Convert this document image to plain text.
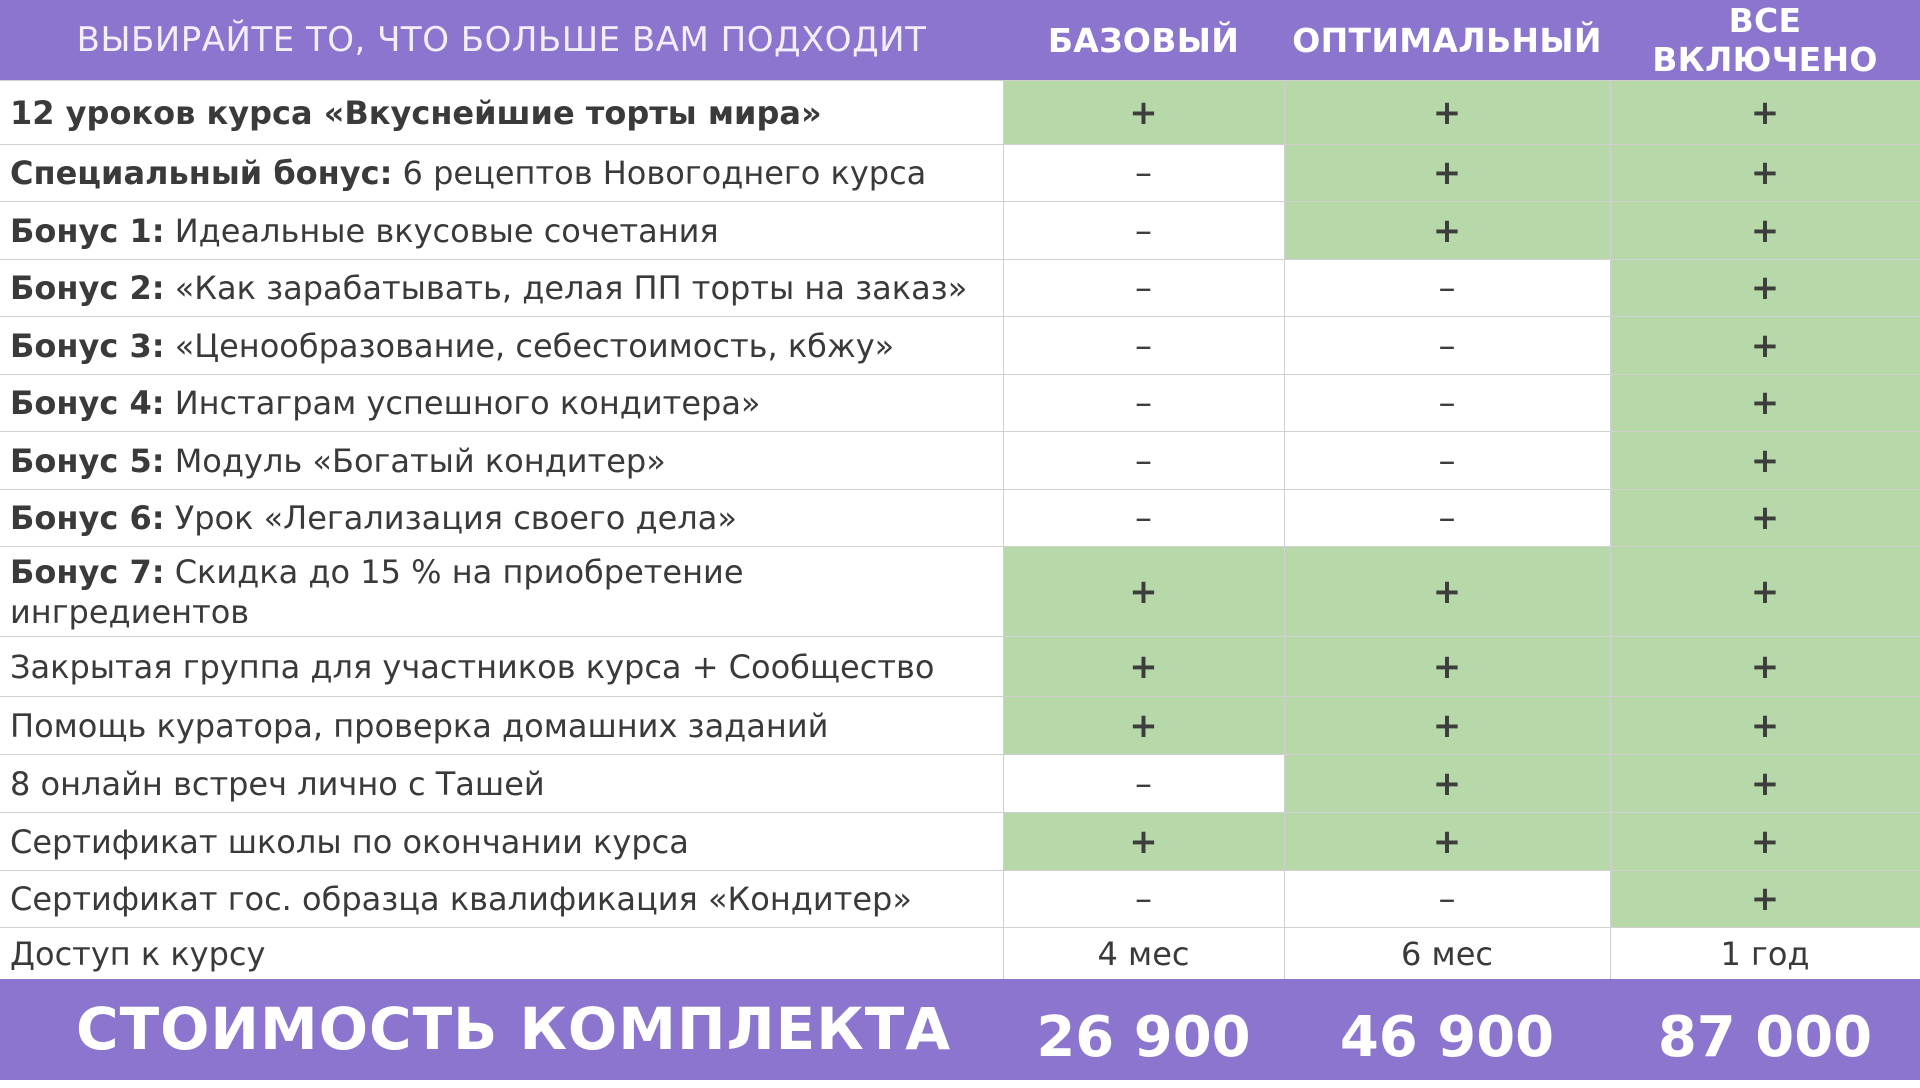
ВЫБИРАЙТЕ ТО, ЧТО БОЛЬШЕ ВАМ ПОДХОДИТ	БАЗОВЫЙ	ОПТИМАЛЬНЫЙ	ВСЕ ВКЛЮЧЕНО
12 уроков курса «Вкуснейшие торты мира»	+	+	+
Специальный бонус: 6 рецептов Новогоднего курса	–	+	+
Бонус 1: Идеальные вкусовые сочетания	–	+	+
Бонус 2: «Как зарабатывать, делая ПП торты на заказ»	–	–	+
Бонус 3: «Ценообразование, себестоимость, кбжу»	–	–	+
Бонус 4: Инстаграм успешного кондитера»	–	–	+
Бонус 5: Модуль «Богатый кондитер»	–	–	+
Бонус 6: Урок «Легализация своего дела»	–	–	+
Бонус 7: Скидка до 15 % на приобретение ингредиентов	+	+	+
Закрытая группа для участников курса + Сообщество	+	+	+
Помощь куратора, проверка домашних заданий	+	+	+
8 онлайн встреч лично с Ташей	–	+	+
Сертификат школы по окончании курса	+	+	+
Сертификат гос. образца квалификация «Кондитер»	–	–	+
Доступ к курсу	4 мес	6 мес	1 год
СТОИМОСТЬ КОМПЛЕКТА	26 900	46 900	87 000
